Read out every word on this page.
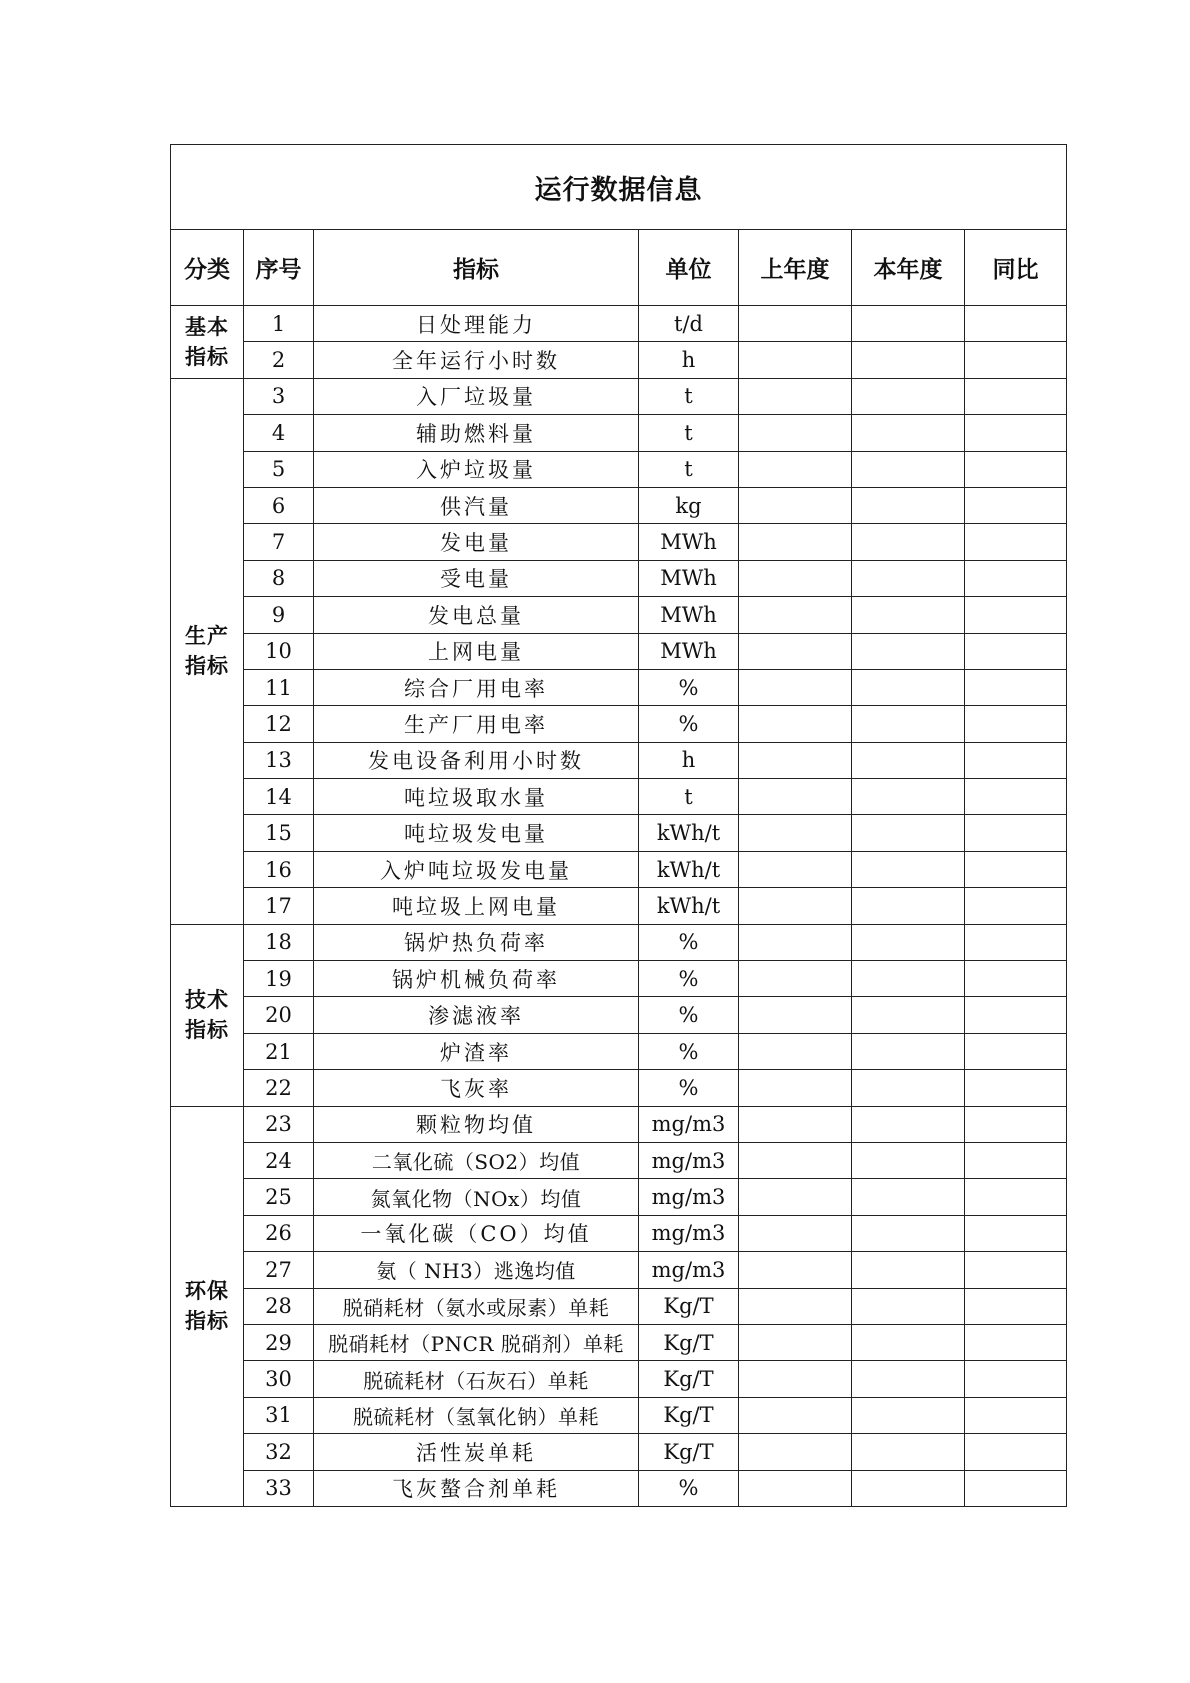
运行数据信息						
分类	序号	指标	单位	上年度	本年度	同比
基本指标	1	日处理能力	t/d			
	2	全年运行小时数	h			
生产指标	3	入厂垃圾量	t			
	4	辅助燃料量	t			
	5	入炉垃圾量	t			
	6	供汽量	kg			
	7	发电量	MWh			
	8	受电量	MWh			
	9	发电总量	MWh			
	10	上网电量	MWh			
	11	综合厂用电率	%			
	12	生产厂用电率	%			
	13	发电设备利用小时数	h			
	14	吨垃圾取水量	t			
	15	吨垃圾发电量	kWh/t			
	16	入炉吨垃圾发电量	kWh/t			
	17	吨垃圾上网电量	kWh/t			
技术指标	18	锅炉热负荷率	%			
	19	锅炉机械负荷率	%			
	20	渗滤液率	%			
	21	炉渣率	%			
	22	飞灰率	%			
环保指标	23	颗粒物均值	mg/m3			
	24	二氧化硫（SO2）均值	mg/m3			
	25	氮氧化物（NOx）均值	mg/m3			
	26	一氧化碳（CO）均值	mg/m3			
	27	氨（ NH3）逃逸均值	mg/m3			
	28	脱硝耗材（氨水或尿素）单耗	Kg/T			
	29	脱硝耗材（PNCR 脱硝剂）单耗	Kg/T			
	30	脱硫耗材（石灰石）单耗	Kg/T			
	31	脱硫耗材（氢氧化钠）单耗	Kg/T			
	32	活性炭单耗	Kg/T			
	33	飞灰螯合剂单耗	%			
